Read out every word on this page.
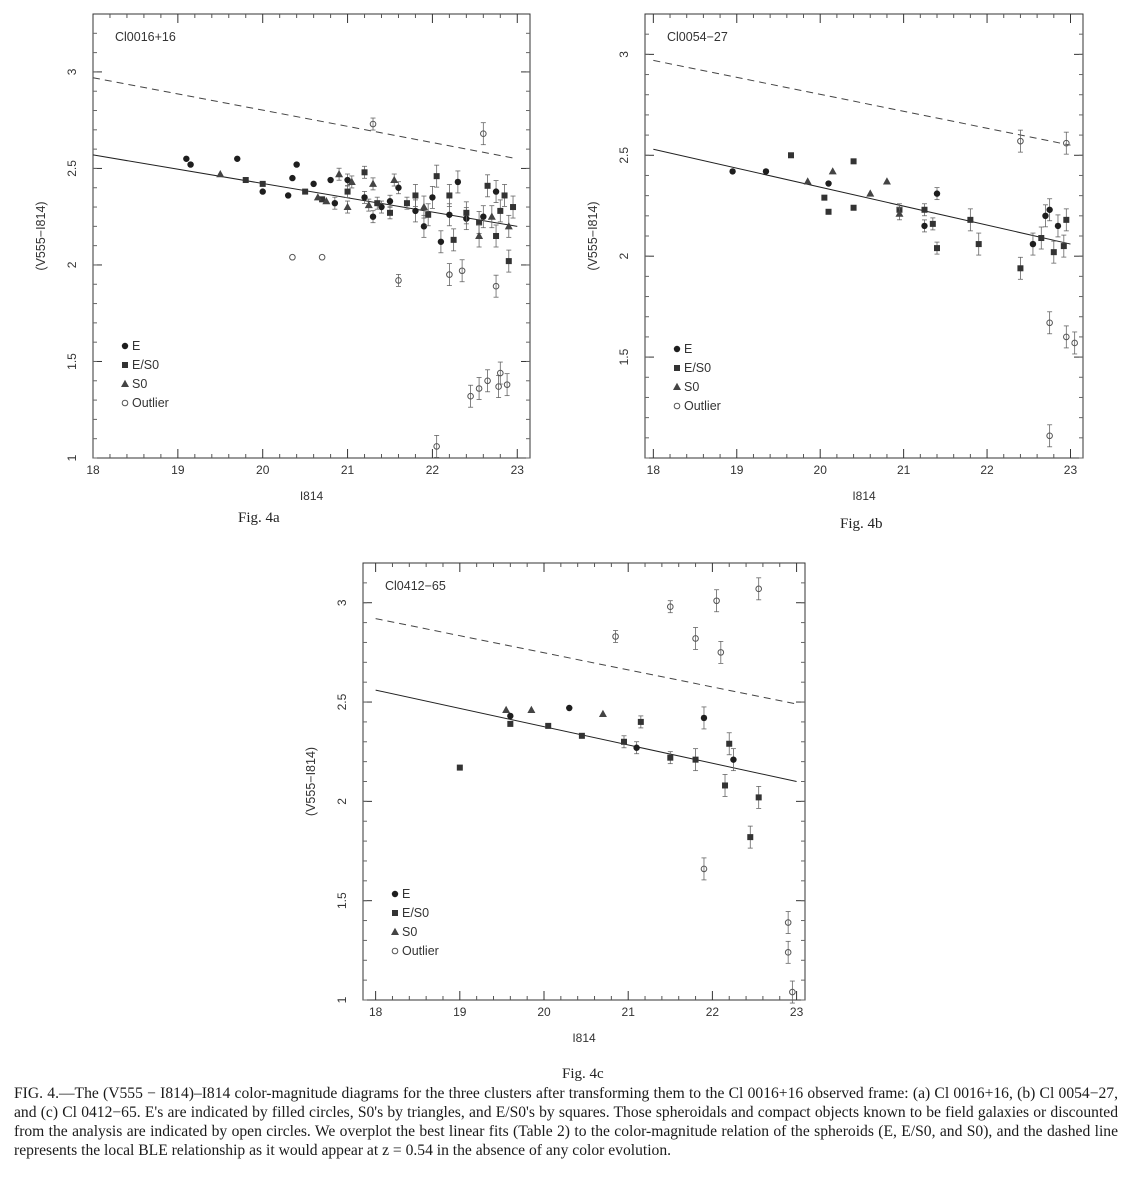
18	19	20	21	22	23
1
1.5
2
2.5
3
Cl0016+16
I814
(V555−I814)
E
E/S0
S0
Outlier
Fig. 4a
18	19	20	21	22	23
1.5
2
2.5
3
Cl0054−27
I814
(V555−I814)
E
E/S0
S0
Outlier
Fig. 4b
18	19	20	21	22	23
1
1.5
2
2.5
3
Cl0412−65
I814
(V555−I814)
E
E/S0
S0
Outlier
Fig. 4c
FIG. 4.—The (V555 − I814)–I814 color-magnitude diagrams for the three clusters after transforming them to the Cl 0016+16 observed frame: (a) Cl 0016+16, (b) Cl 0054−27, and (c) Cl 0412−65. E's are indicated by filled circles, S0's by triangles, and E/S0's by squares. Those spheroidals and compact objects known to be field galaxies or discounted from the analysis are indicated by open circles. We overplot the best linear fits (Table 2) to the color-magnitude relation of the spheroids (E, E/S0, and S0), and the dashed line represents the local BLE relationship as it would appear at z = 0.54 in the absence of any color evolution.
